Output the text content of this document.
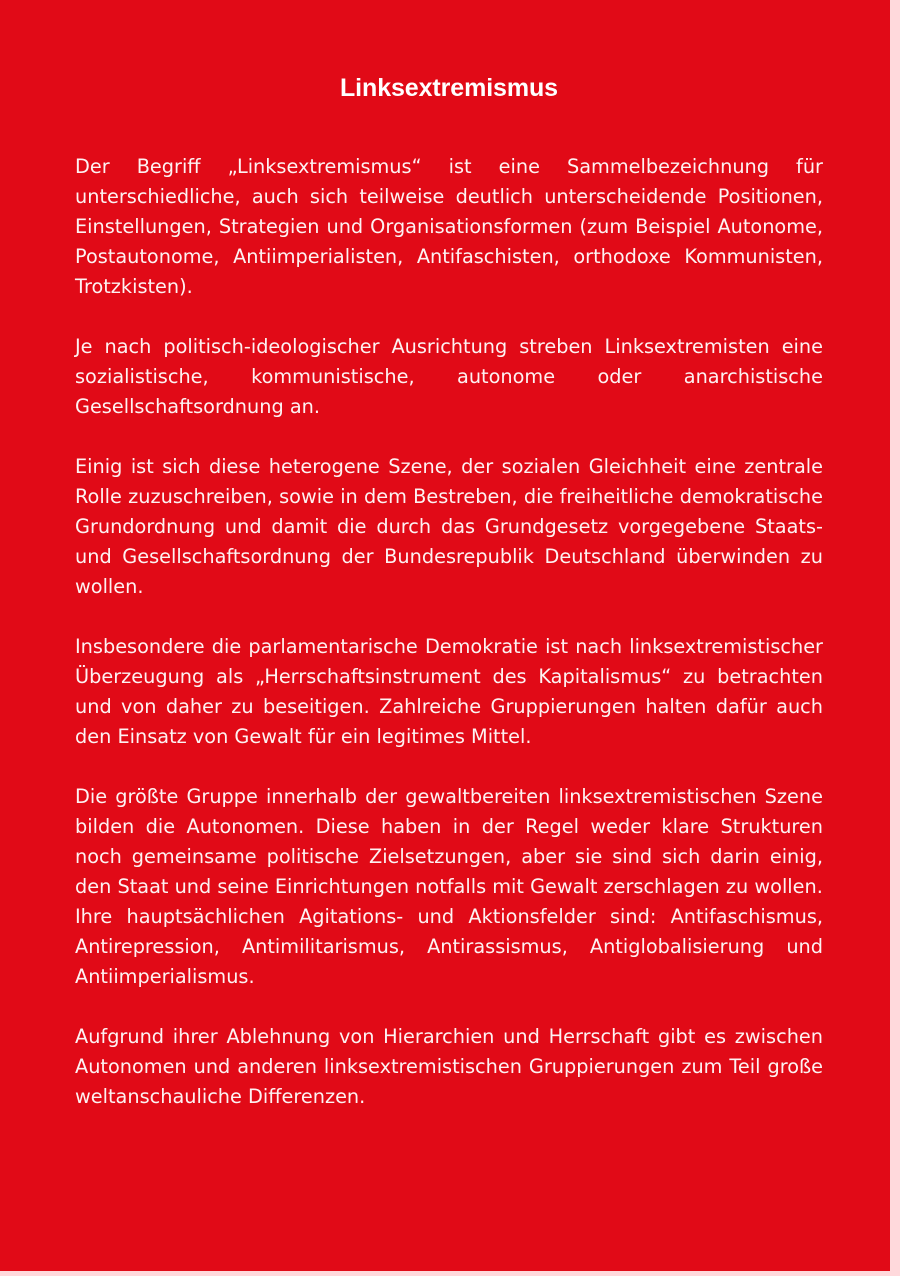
Linksextremismus

Der Begriff „Linksextremismus“ ist eine Sammelbezeichnung für unterschiedliche, auch sich teilweise deutlich unterscheidende Positionen, Einstellungen, Strategien und Organisationsformen (zum Beispiel Autonome, Postautonome, Antiimperialisten, Antifaschisten, orthodoxe Kommunisten, Trotzkisten).

Je nach politisch-ideologischer Ausrichtung streben Linksextremisten eine sozialistische, kommunistische, autonome oder anarchistische Gesellschaftsordnung an.

Einig ist sich diese heterogene Szene, der sozialen Gleichheit eine zentrale Rolle zuzuschreiben, sowie in dem Bestreben, die freiheitliche demokratische Grundordnung und damit die durch das Grundgesetz vorgegebene Staats- und Gesellschaftsordnung der Bundesrepublik Deutschland überwinden zu wollen.

Insbesondere die parlamentarische Demokratie ist nach linksextremistischer Überzeugung als „Herrschaftsinstrument des Kapitalismus“ zu betrachten und von daher zu beseitigen. Zahlreiche Gruppierungen halten dafür auch den Einsatz von Gewalt für ein legitimes Mittel.

Die größte Gruppe innerhalb der gewaltbereiten linksextremistischen Szene bilden die Autonomen. Diese haben in der Regel weder klare Strukturen noch gemeinsame politische Zielsetzungen, aber sie sind sich darin einig, den Staat und seine Einrichtungen notfalls mit Gewalt zerschlagen zu wollen.

Ihre hauptsächlichen Agitations- und Aktionsfelder sind: Antifaschismus, Antirepression, Antimilitarismus, Antirassismus, Antiglobalisierung und Antiimperialismus.

Aufgrund ihrer Ablehnung von Hierarchien und Herrschaft gibt es zwischen Autonomen und anderen linksextremistischen Gruppierungen zum Teil große weltanschauliche Differenzen.
